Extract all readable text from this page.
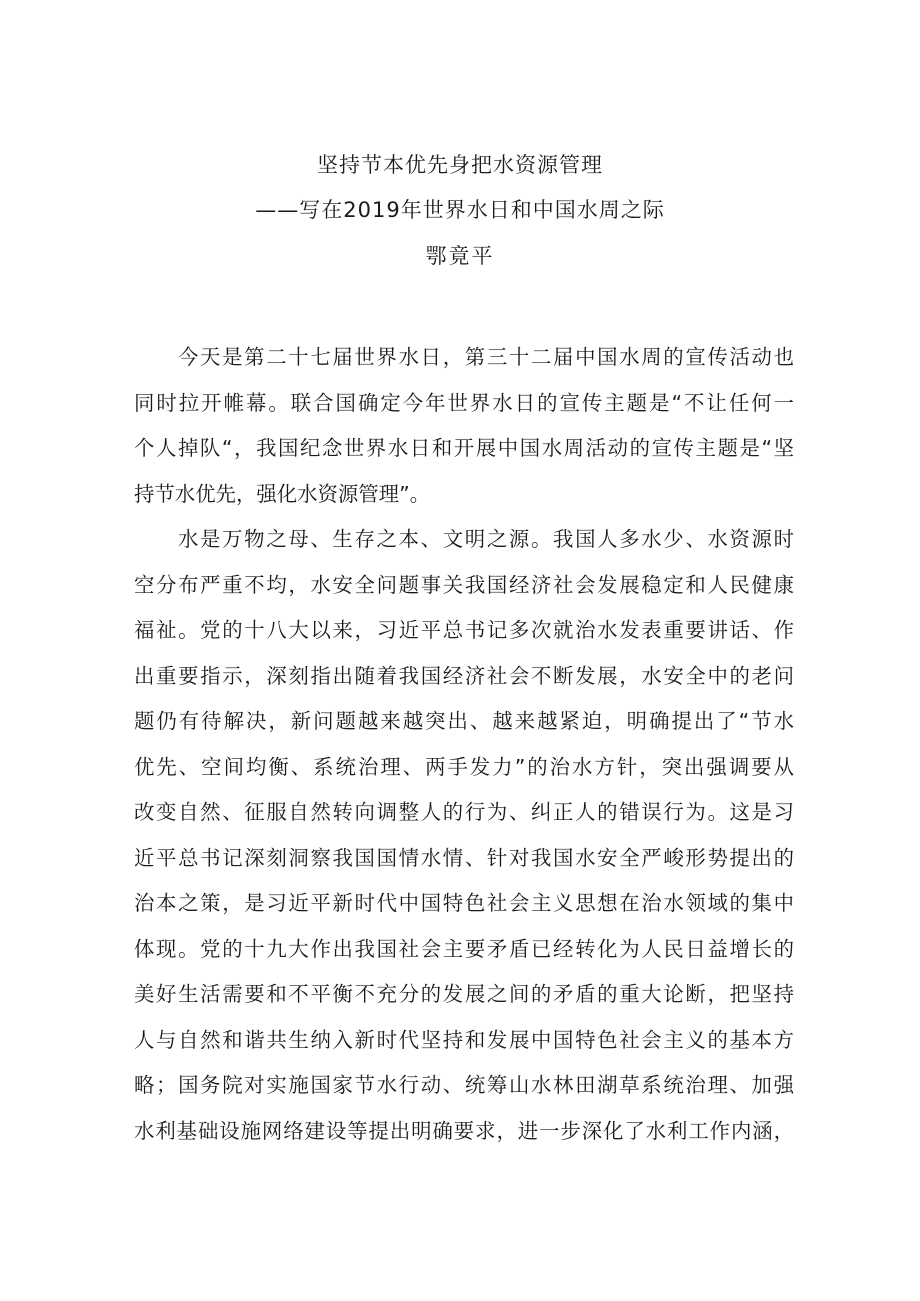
坚持节本优先身把水资源管理
——写在2019年世界水日和中国水周之际
鄂竟平
今天是第二十七届世界水日，第三十二届中国水周的宣传活动也
同时拉开帷幕。联合国确定今年世界水日的宣传主题是“不让任何一
个人掉队“，我国纪念世界水日和开展中国水周活动的宣传主题是“坚
持节水优先，强化水资源管理”。
水是万物之母、生存之本、文明之源。我国人多水少、水资源时
空分布严重不均，水安全问题事关我国经济社会发展稳定和人民健康
福祉。党的十八大以来，习近平总书记多次就治水发表重要讲话、作
出重要指示，深刻指出随着我国经济社会不断发展，水安全中的老问
题仍有待解决，新问题越来越突出、越来越紧迫，明确提出了“节水
优先、空间均衡、系统治理、两手发力”的治水方针，突出强调要从
改变自然、征服自然转向调整人的行为、纠正人的错误行为。这是习
近平总书记深刻洞察我国国情水情、针对我国水安全严峻形势提出的
治本之策，是习近平新时代中国特色社会主义思想在治水领域的集中
体现。党的十九大作出我国社会主要矛盾已经转化为人民日益增长的
美好生活需要和不平衡不充分的发展之间的矛盾的重大论断，把坚持
人与自然和谐共生纳入新时代坚持和发展中国特色社会主义的基本方
略；国务院对实施国家节水行动、统筹山水林田湖草系统治理、加强
水利基础设施网络建设等提出明确要求，进一步深化了水利工作内涵，
